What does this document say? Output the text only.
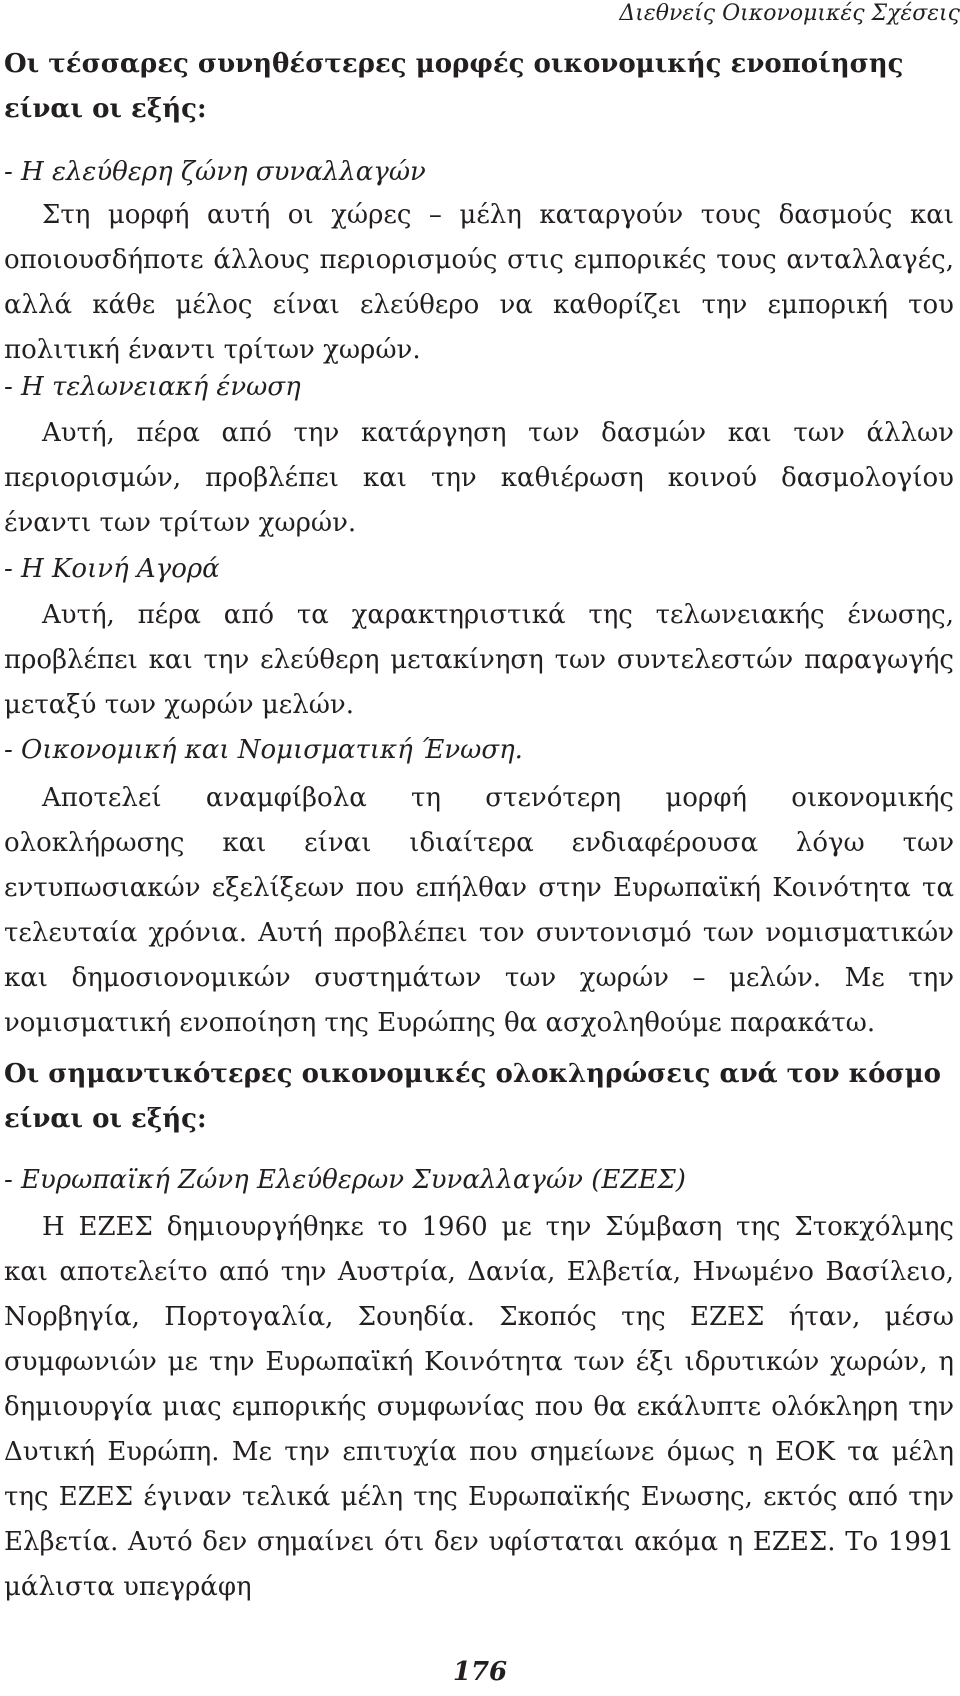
Διεθνείς Οικονομικές Σχέσεις
Οι τέσσαρες συνηθέστερες μορφές οικονομικής ενοποίησης είναι οι εξής:
- Η ελεύθερη ζώνη συναλλαγών
Στη μορφή αυτή οι χώρες – μέλη καταργούν τους δασμούς και οποιουσδήποτε άλλους περιορισμούς στις εμπορικές τους ανταλλαγές, αλλά κάθε μέλος είναι ελεύθερο να καθορίζει την εμπορική του πολιτική έναντι τρίτων χωρών.
- Η τελωνειακή ένωση
Αυτή, πέρα από την κατάργηση των δασμών και των άλλων περιορισμών, προβλέπει και την καθιέρωση κοινού δασμολογίου έναντι των τρίτων χωρών.
- Η Κοινή Αγορά
Αυτή, πέρα από τα χαρακτηριστικά της τελωνειακής ένωσης, προβλέπει και την ελεύθερη μετακίνηση των συντελεστών παραγωγής μεταξύ των χωρών μελών.
- Οικονομική και Νομισματική Ένωση.
Αποτελεί αναμφίβολα τη στενότερη μορφή οικονομικής ολοκλήρωσης και είναι ιδιαίτερα ενδιαφέρουσα λόγω των εντυπωσιακών εξελίξεων που επήλθαν στην Ευρωπαϊκή Κοινότητα τα τελευταία χρόνια. Αυτή προβλέπει τον συντονισμό των νομισματικών και δημοσιονομικών συστημάτων των χωρών – μελών. Με την νομισματική ενοποίηση της Ευρώπης θα ασχοληθούμε παρακάτω.
Οι σημαντικότερες οικονομικές ολοκληρώσεις ανά τον κόσμο είναι οι εξής:
- Ευρωπαϊκή Ζώνη Ελεύθερων Συναλλαγών (ΕΖΕΣ)
Η ΕΖΕΣ δημιουργήθηκε το 1960 με την Σύμβαση της Στοκχόλμης και αποτελείτο από την Αυστρία, Δανία, Ελβετία, Ηνωμένο Βασίλειο, Νορβηγία, Πορτογαλία, Σουηδία. Σκοπός της ΕΖΕΣ ήταν, μέσω συμφωνιών με την Ευρωπαϊκή Κοινότητα των έξι ιδρυτικών χωρών, η δημιουργία μιας εμπορικής συμφωνίας που θα εκάλυπτε ολόκληρη την Δυτική Ευρώπη. Με την επιτυχία που σημείωνε όμως η ΕΟΚ τα μέλη της ΕΖΕΣ έγιναν τελικά μέλη της Ευρωπαϊκής Ενωσης, εκτός από την Ελβετία. Αυτό δεν σημαίνει ότι δεν υφίσταται ακόμα η ΕΖΕΣ. Το 1991 μάλιστα υπεγράφη
176
